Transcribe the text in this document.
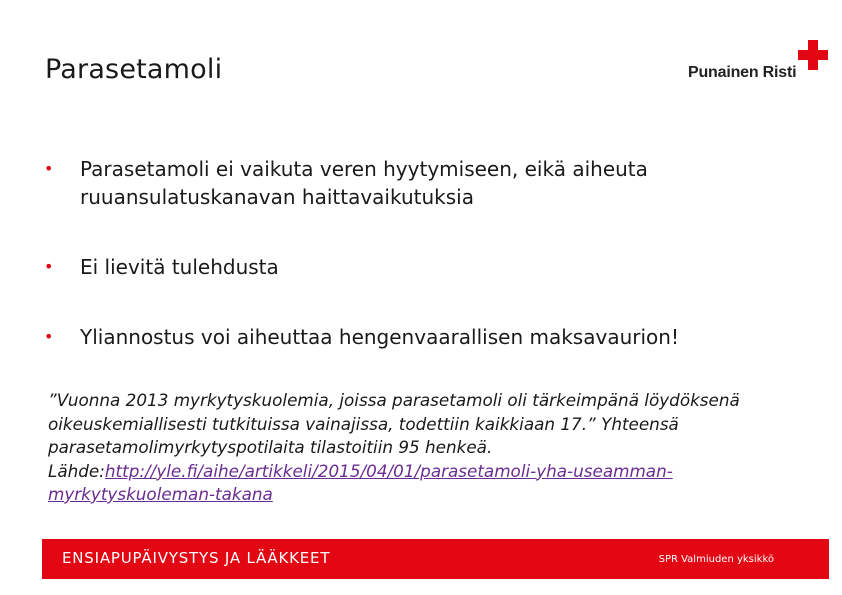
Parasetamoli	Punainen Risti
•	Parasetamoli ei vaikuta veren hyytymiseen, eikä aiheuta ruuansulatuskanavan haittavaikutuksia
•	Ei lievitä tulehdusta
•	Yliannostus voi aiheuttaa hengenvaarallisen maksavaurion!
”Vuonna 2013 myrkytyskuolemia, joissa parasetamoli oli tärkeimpänä löydöksenä oikeuskemiallisesti tutkituissa vainajissa, todettiin kaikkiaan 17.” Yhteensä parasetamolimyrkytyspotilaita tilastoitiin 95 henkeä. Lähde:http://yle.fi/aihe/artikkeli/2015/04/01/parasetamoli-yha-useamman-myrkytyskuoleman-takana
ENSIAPUPÄIVYSTYS JA LÄÄKKEET	SPR Valmiuden yksikkö
